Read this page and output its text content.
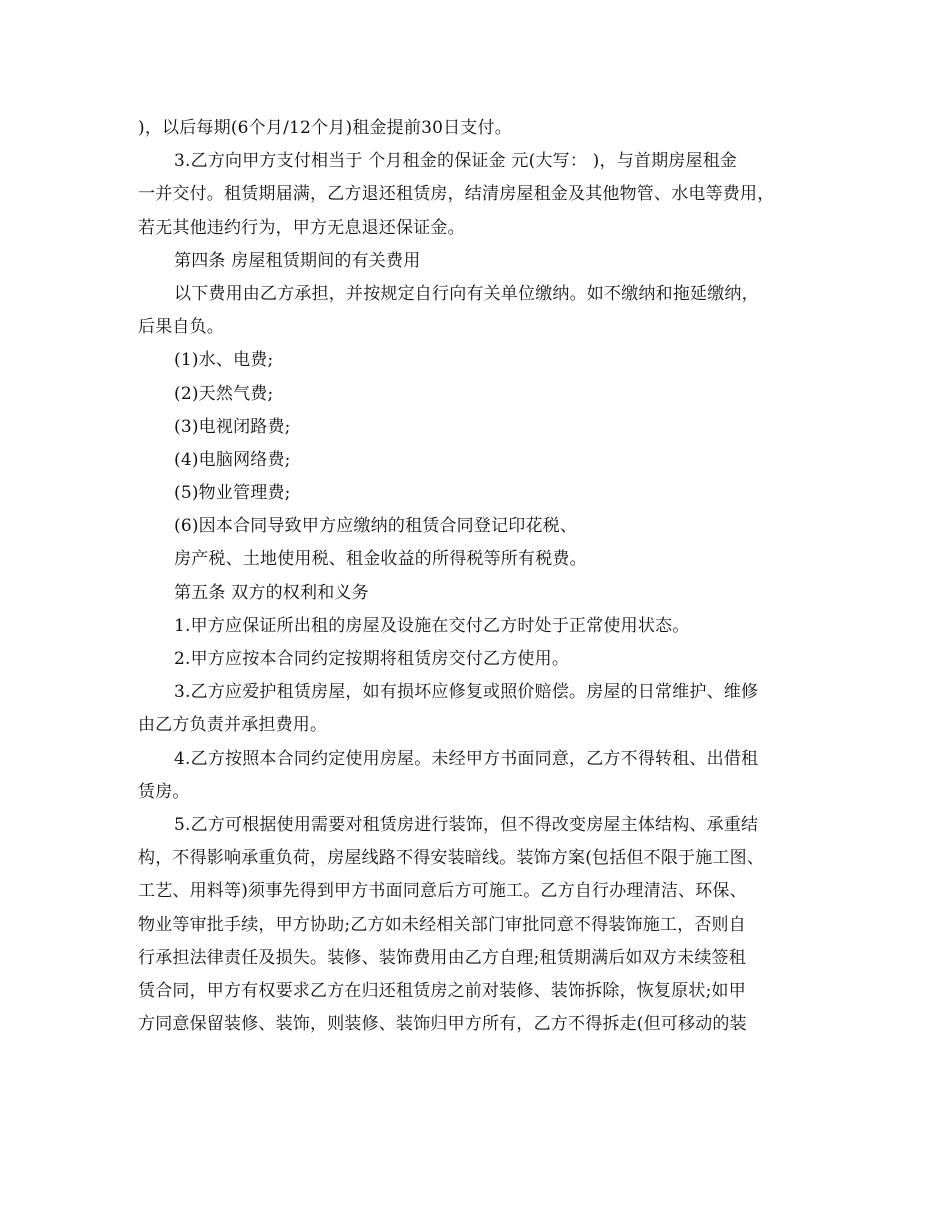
)，以后每期(6个月/12个月)租金提前30日支付。
3.乙方向甲方支付相当于 个月租金的保证金 元(大写： )，与首期房屋租金
一并交付。租赁期届满，乙方退还租赁房，结清房屋租金及其他物管、水电等费用，
若无其他违约行为，甲方无息退还保证金。
第四条 房屋租赁期间的有关费用
以下费用由乙方承担，并按规定自行向有关单位缴纳。如不缴纳和拖延缴纳，
后果自负。
(1)水、电费;
(2)天然气费;
(3)电视闭路费;
(4)电脑网络费;
(5)物业管理费;
(6)因本合同导致甲方应缴纳的租赁合同登记印花税、
房产税、土地使用税、租金收益的所得税等所有税费。
第五条 双方的权利和义务
1.甲方应保证所出租的房屋及设施在交付乙方时处于正常使用状态。
2.甲方应按本合同约定按期将租赁房交付乙方使用。
3.乙方应爱护租赁房屋，如有损坏应修复或照价赔偿。房屋的日常维护、维修
由乙方负责并承担费用。
4.乙方按照本合同约定使用房屋。未经甲方书面同意，乙方不得转租、出借租
赁房。
5.乙方可根据使用需要对租赁房进行装饰，但不得改变房屋主体结构、承重结
构，不得影响承重负荷，房屋线路不得安装暗线。装饰方案(包括但不限于施工图、
工艺、用料等)须事先得到甲方书面同意后方可施工。乙方自行办理清洁、环保、
物业等审批手续，甲方协助;乙方如未经相关部门审批同意不得装饰施工，否则自
行承担法律责任及损失。装修、装饰费用由乙方自理;租赁期满后如双方未续签租
赁合同，甲方有权要求乙方在归还租赁房之前对装修、装饰拆除，恢复原状;如甲
方同意保留装修、装饰，则装修、装饰归甲方所有，乙方不得拆走(但可移动的装
